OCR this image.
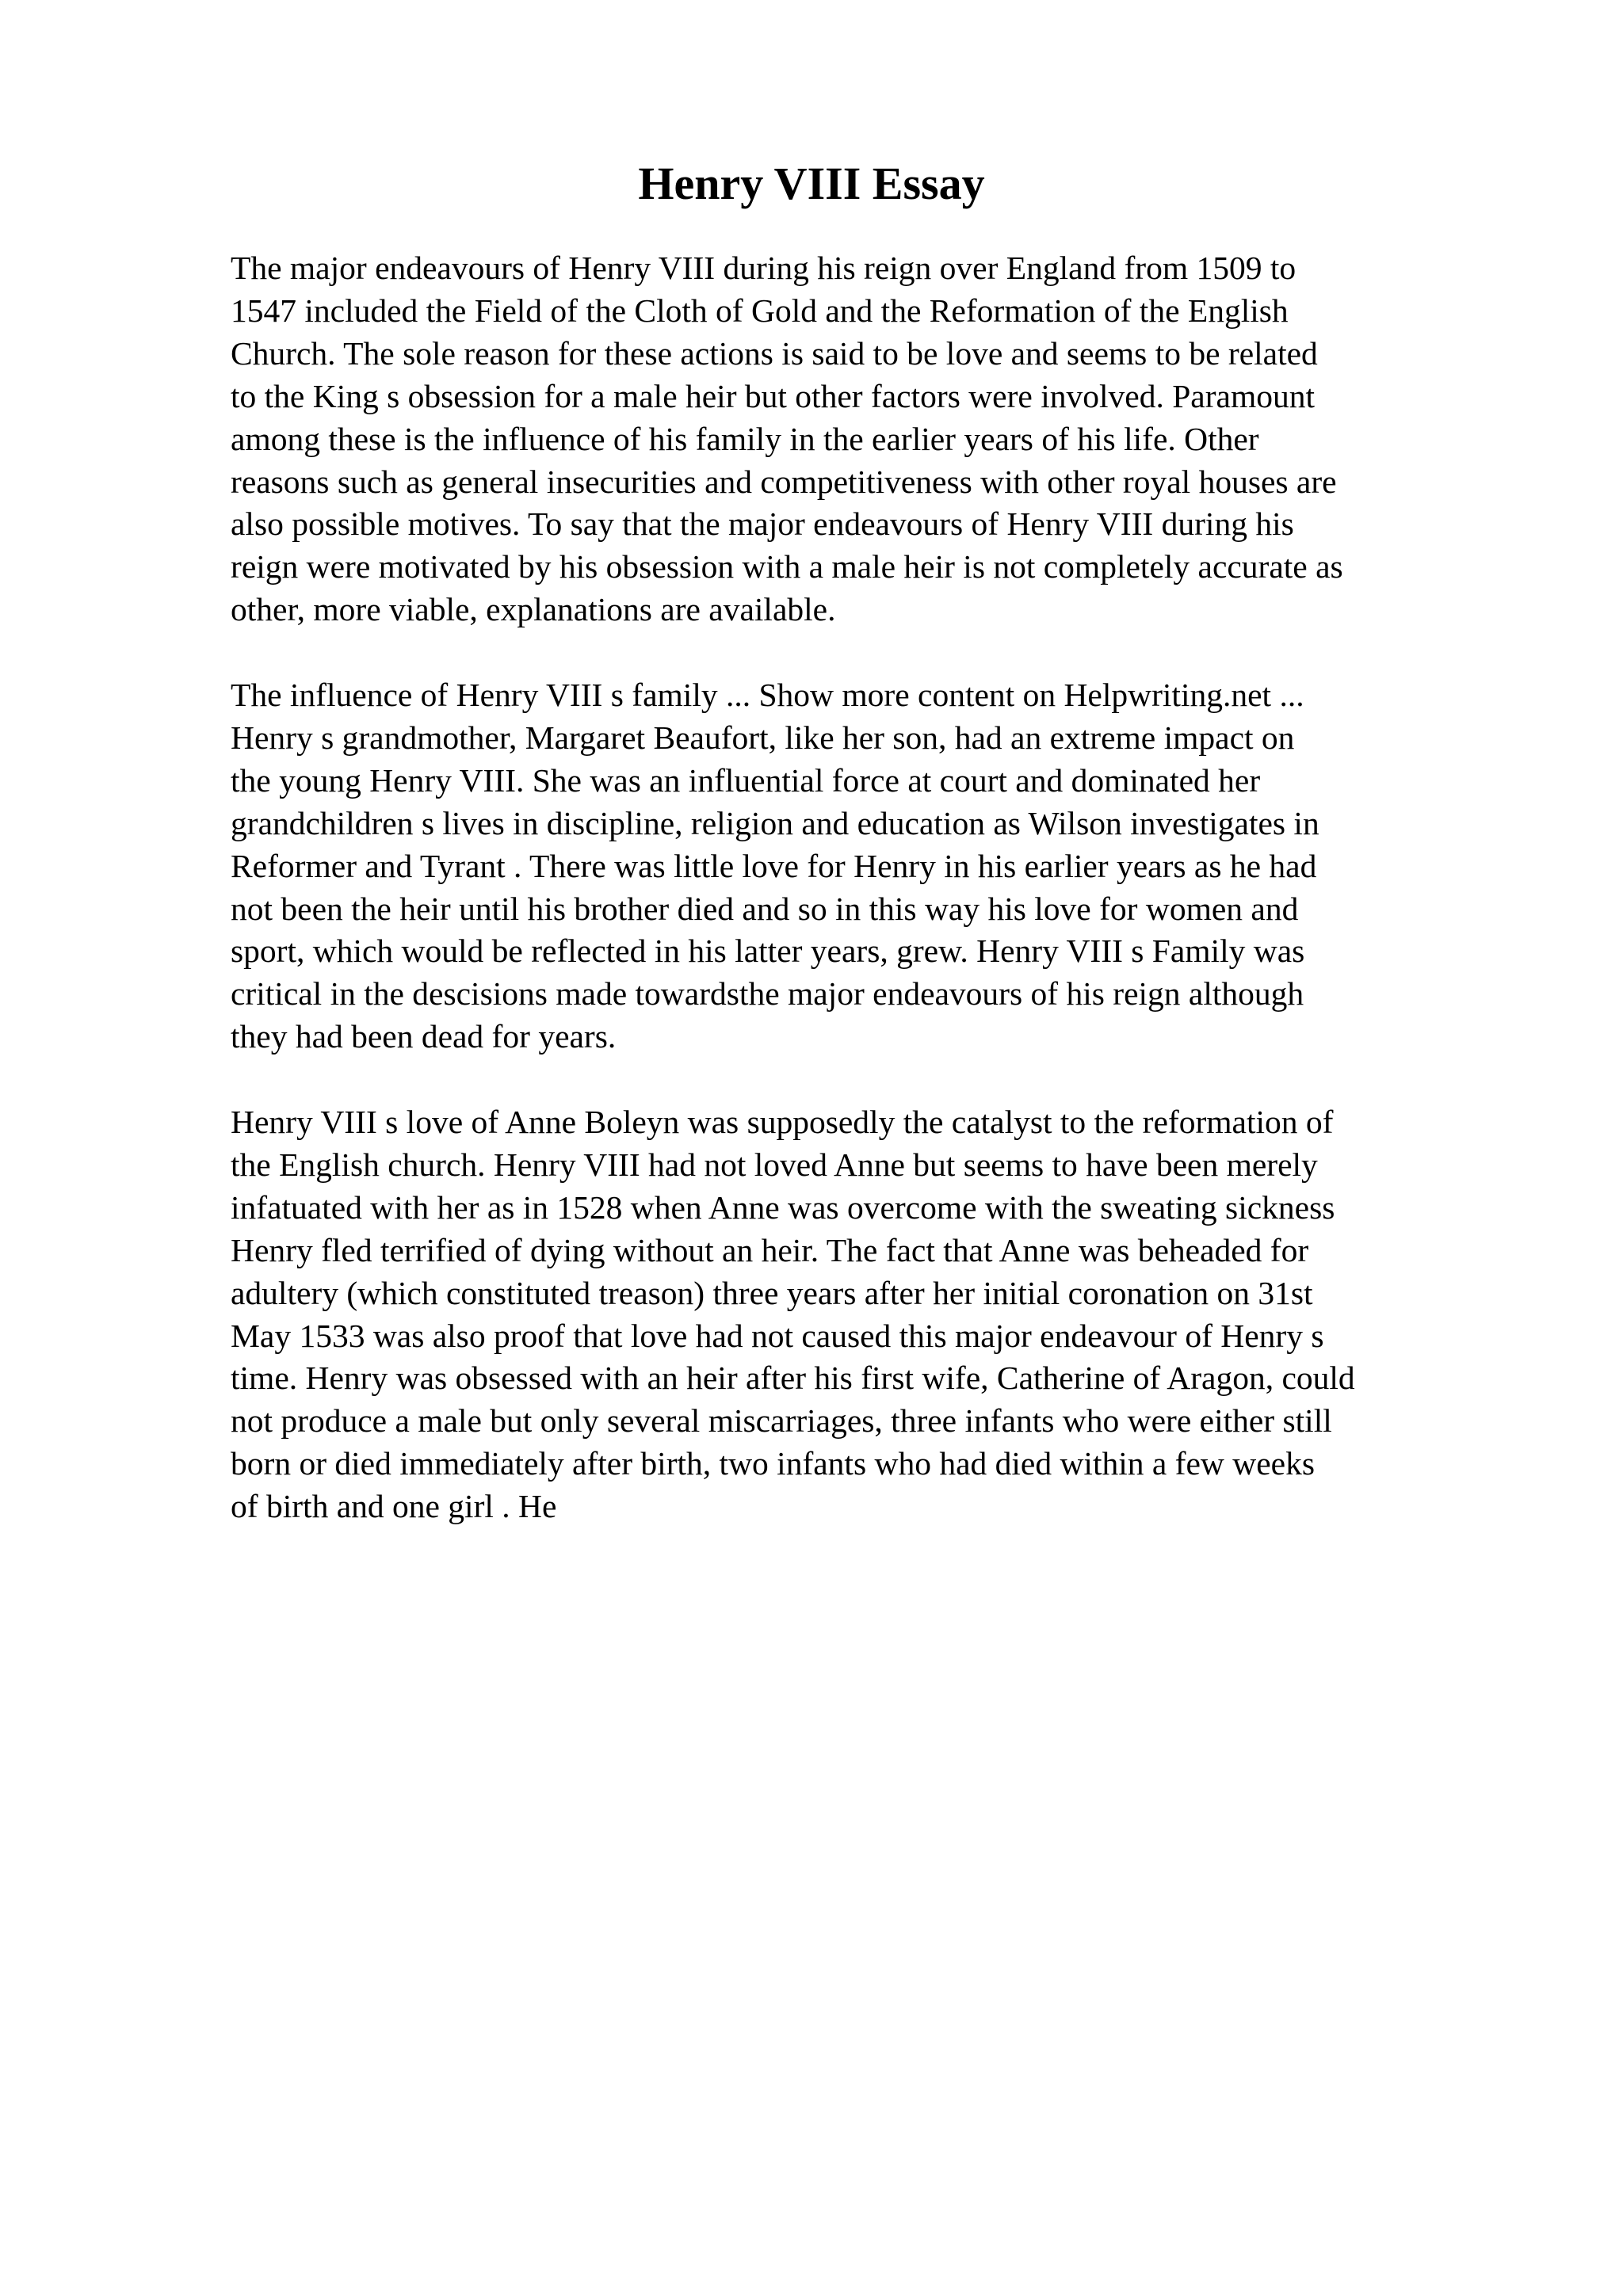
Henry VIII Essay

The major endeavours of Henry VIII during his reign over England from 1509 to
1547 included the Field of the Cloth of Gold and the Reformation of the English
Church. The sole reason for these actions is said to be love and seems to be related
to the King s obsession for a male heir but other factors were involved. Paramount
among these is the influence of his family in the earlier years of his life. Other
reasons such as general insecurities and competitiveness with other royal houses are
also possible motives. To say that the major endeavours of Henry VIII during his
reign were motivated by his obsession with a male heir is not completely accurate as
other, more viable, explanations are available.

The influence of Henry VIII s family ... Show more content on Helpwriting.net ...
Henry s grandmother, Margaret Beaufort, like her son, had an extreme impact on
the young Henry VIII. She was an influential force at court and dominated her
grandchildren s lives in discipline, religion and education as Wilson investigates in
Reformer and Tyrant . There was little love for Henry in his earlier years as he had
not been the heir until his brother died and so in this way his love for women and
sport, which would be reflected in his latter years, grew. Henry VIII s Family was
critical in the descisions made towardsthe major endeavours of his reign although
they had been dead for years.

Henry VIII s love of Anne Boleyn was supposedly the catalyst to the reformation of
the English church. Henry VIII had not loved Anne but seems to have been merely
infatuated with her as in 1528 when Anne was overcome with the sweating sickness
Henry fled terrified of dying without an heir. The fact that Anne was beheaded for
adultery (which constituted treason) three years after her initial coronation on 31st
May 1533 was also proof that love had not caused this major endeavour of Henry s
time. Henry was obsessed with an heir after his first wife, Catherine of Aragon, could
not produce a male but only several miscarriages, three infants who were either still
born or died immediately after birth, two infants who had died within a few weeks
of birth and one girl . He
